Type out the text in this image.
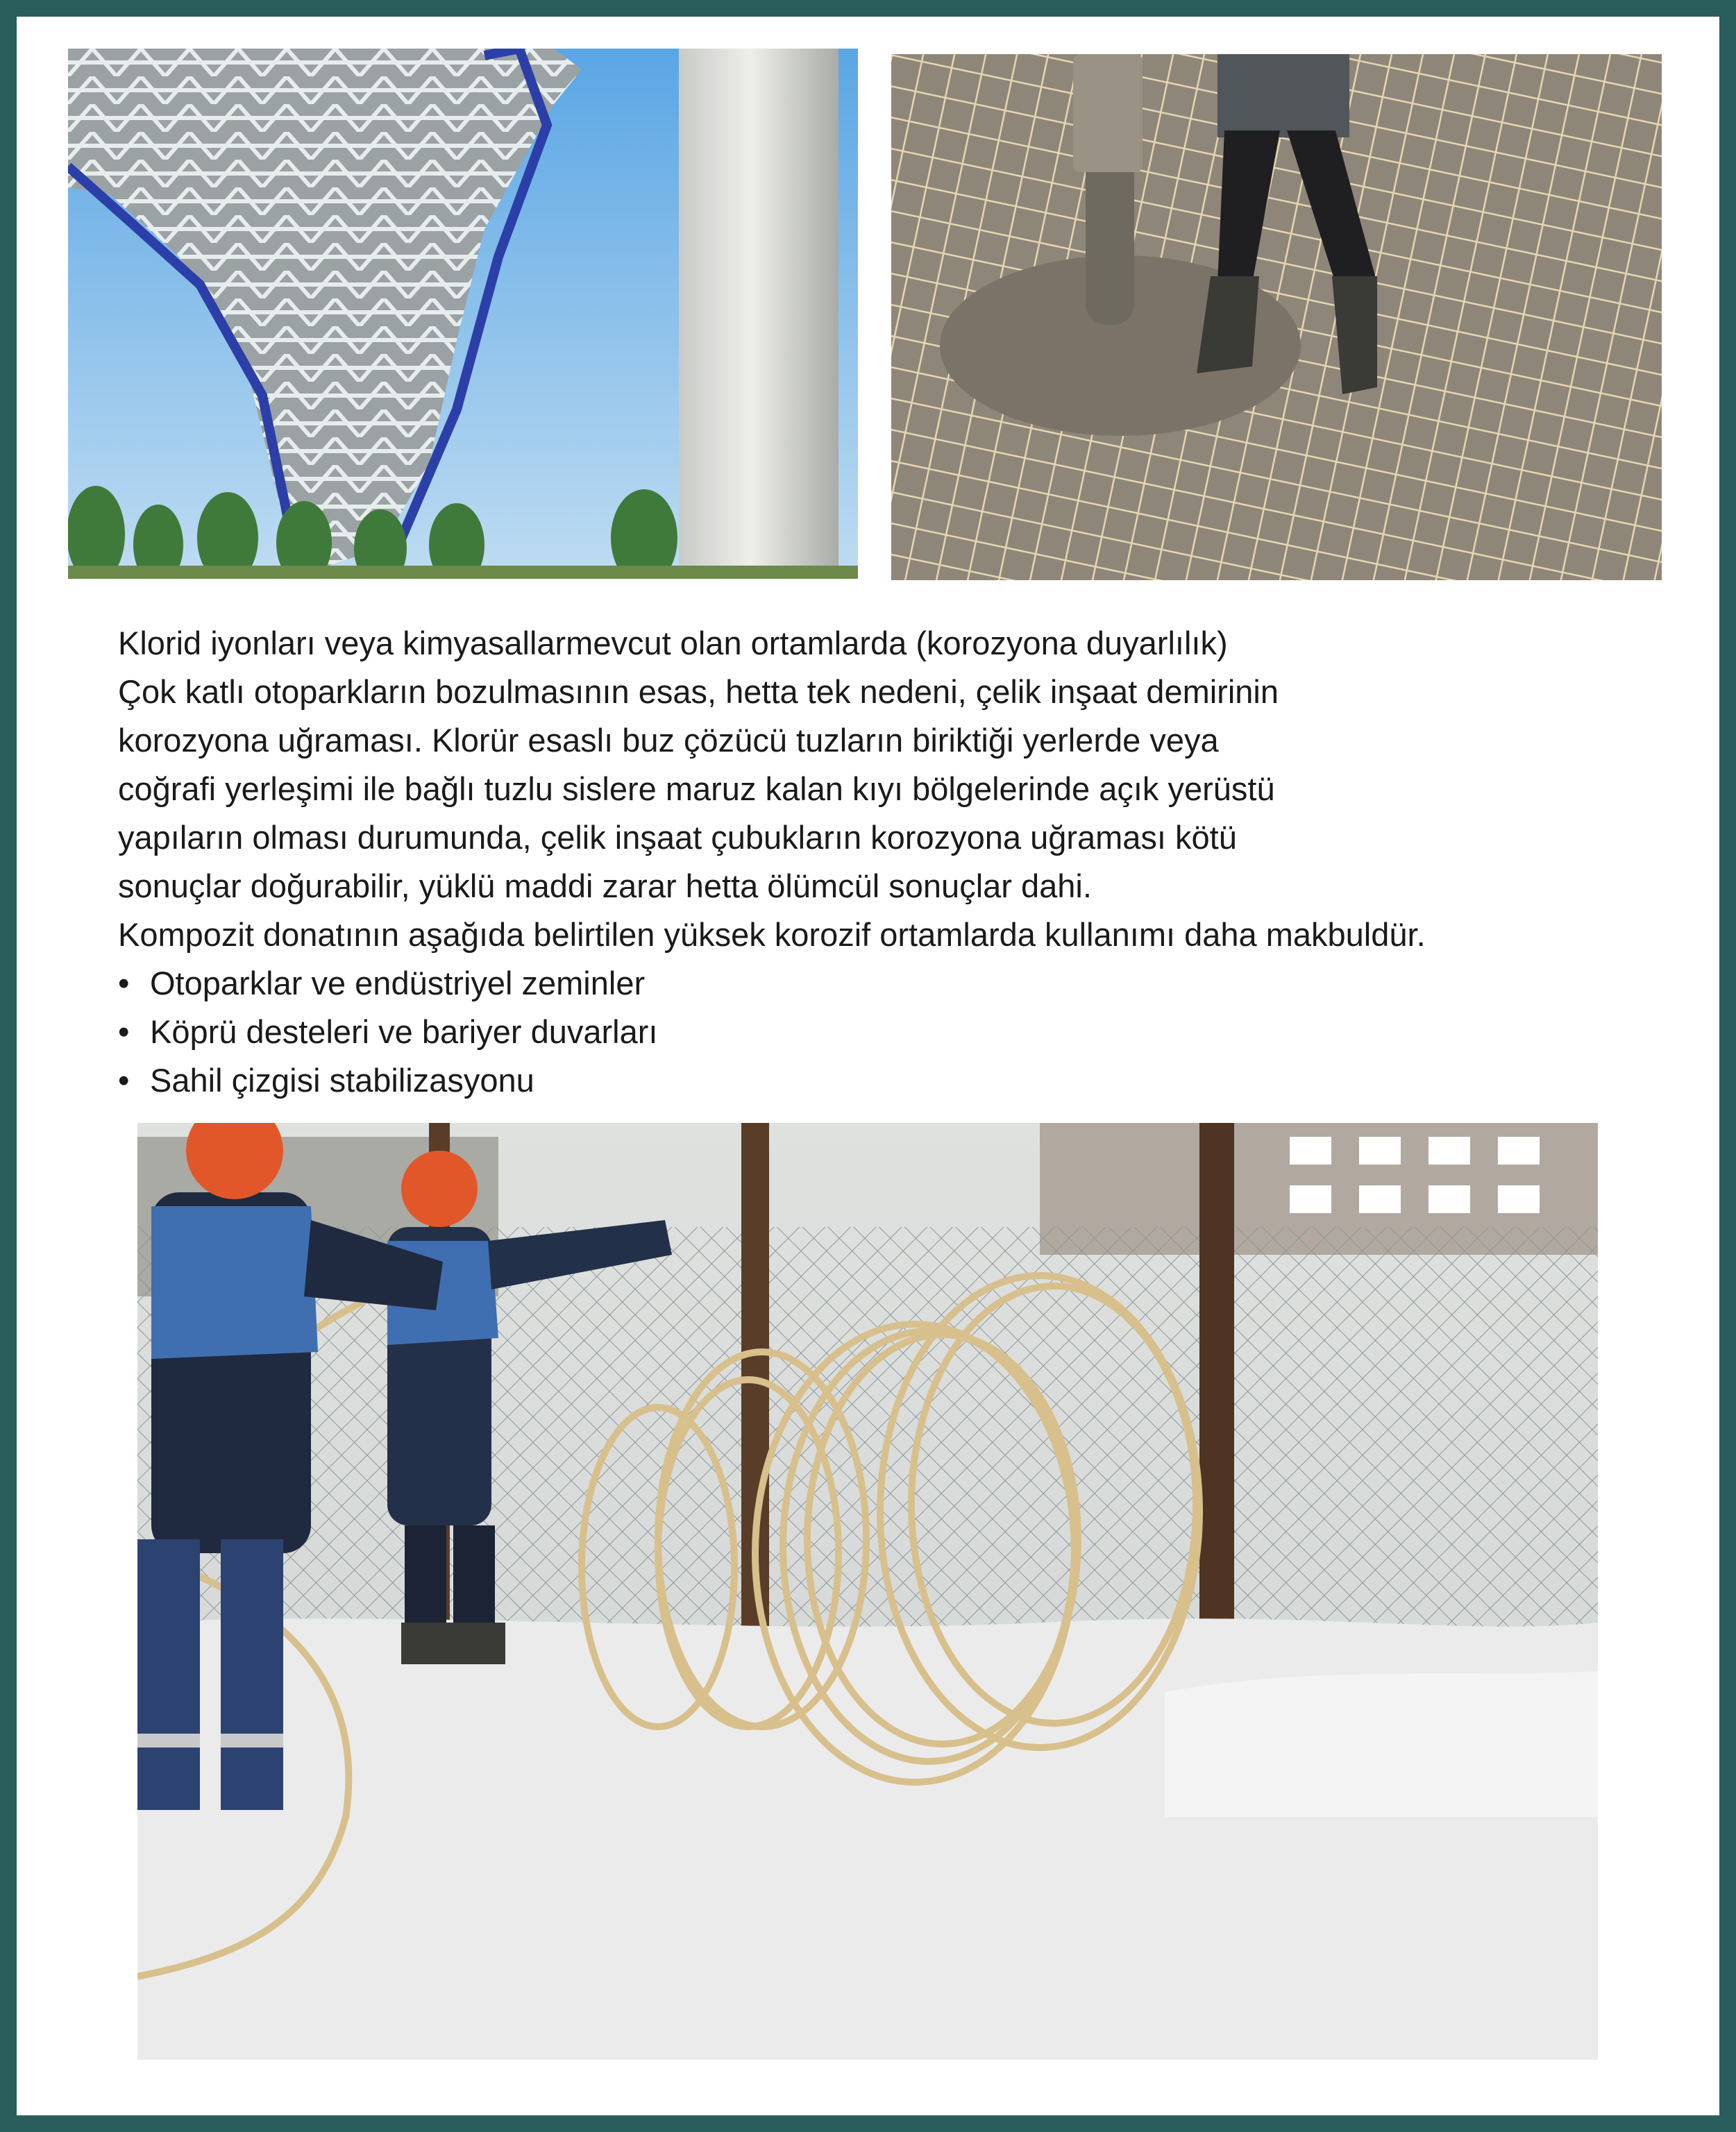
Klorid iyonları veya kimyasallarmevcut olan ortamlarda (korozyona duyarlılık)

Çok katlı otoparkların bozulmasının esas, hetta tek nedeni, çelik inşaat demirinin

korozyona uğraması. Klorür esaslı buz çözücü tuzların biriktiği yerlerde veya

coğrafi yerleşimi ile bağlı tuzlu sislere maruz kalan kıyı bölgelerinde açık yerüstü

yapıların olması durumunda, çelik inşaat çubukların korozyona uğraması kötü

sonuçlar doğurabilir, yüklü maddi zarar hetta ölümcül sonuçlar dahi.

Kompozit donatının aşağıda belirtilen yüksek korozif ortamlarda kullanımı daha makbuldür.

• Otoparklar ve endüstriyel zeminler
• Köprü desteleri ve bariyer duvarları
• Sahil çizgisi stabilizasyonu
